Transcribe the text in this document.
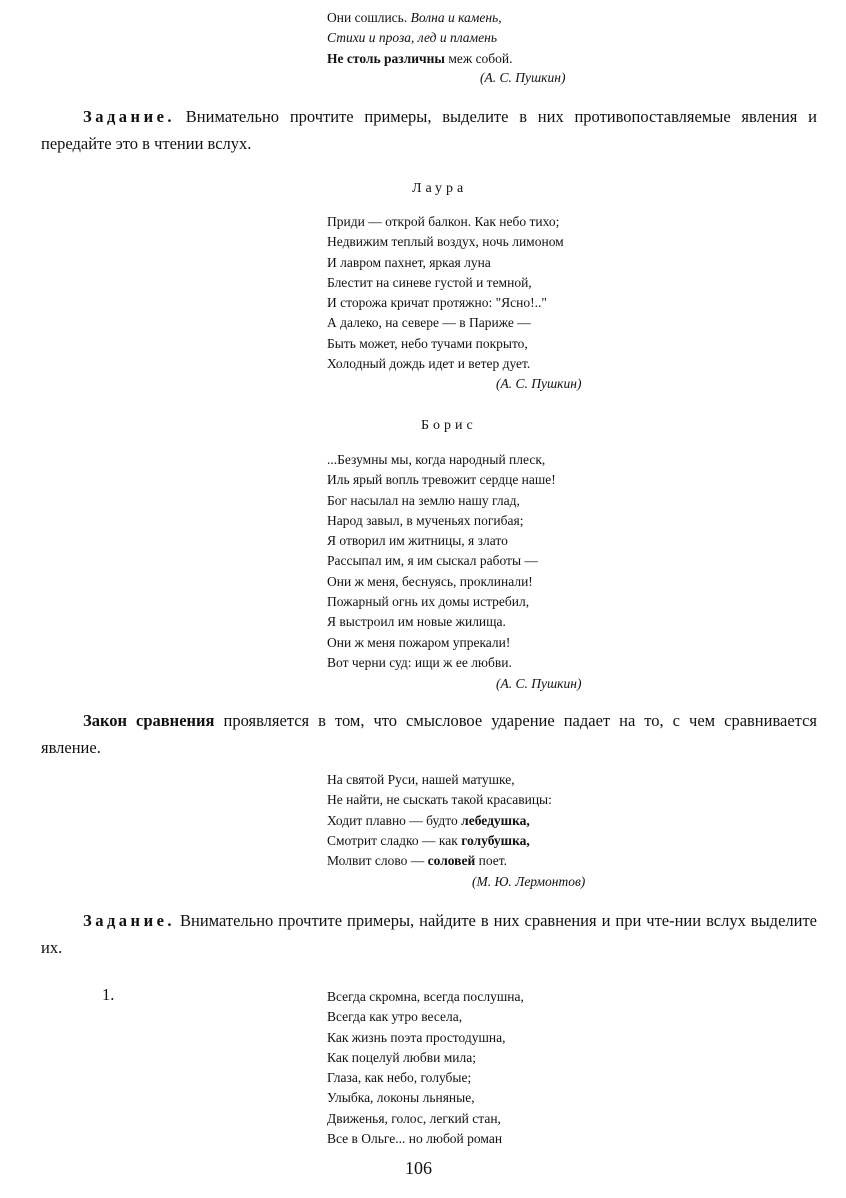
Они сошлись. Волна и камень,
Стихи и проза, лед и пламень
Не столь различны меж собой.
(А. С. Пушкин)

Задание. Внимательно прочтите примеры, выделите в них противопоставляемые явления и передайте это в чтении вслух.

Лаура
Приди — открой балкон. Как небо тихо;
Недвижим теплый воздух, ночь лимоном
И лавром пахнет, яркая луна
Блестит на синеве густой и темной,
И сторожа кричат протяжно: "Ясно!.."
А далеко, на севере — в Париже —
Быть может, небо тучами покрыто,
Холодный дождь идет и ветер дует.
(А. С. Пушкин)
Борис
...Безумны мы, когда народный плеск,
Иль ярый вопль тревожит сердце наше!
Бог насылал на землю нашу глад,
Народ завыл, в мученьях погибая;
Я отворил им житницы, я злато
Рассыпал им, я им сыскал работы —
Они ж меня, беснуясь, проклинали!
Пожарный огнь их домы истребил,
Я выстроил им новые жилища.
Они ж меня пожаром упрекали!
Вот черни суд: ищи ж ее любви.
(А. С. Пушкин)

Закон сравнения проявляется в том, что смысловое ударение падает на то, с чем сравнивается явление.

На святой Руси, нашей матушке,
Не найти, не сыскать такой красавицы:
Ходит плавно — будто лебедушка,
Смотрит сладко — как голубушка,
Молвит слово — соловей поет.
(М. Ю. Лермонтов)

Задание. Внимательно прочтите примеры, найдите в них сравнения и при чте-нии вслух выделите их.

1.	Всегда скромна, всегда послушна,
Всегда как утро весела,
Как жизнь поэта простодушна,
Как поцелуй любви мила;
Глаза, как небо, голубые;
Улыбка, локоны льняные,
Движенья, голос, легкий стан,
Все в Ольге... но любой роман
106
